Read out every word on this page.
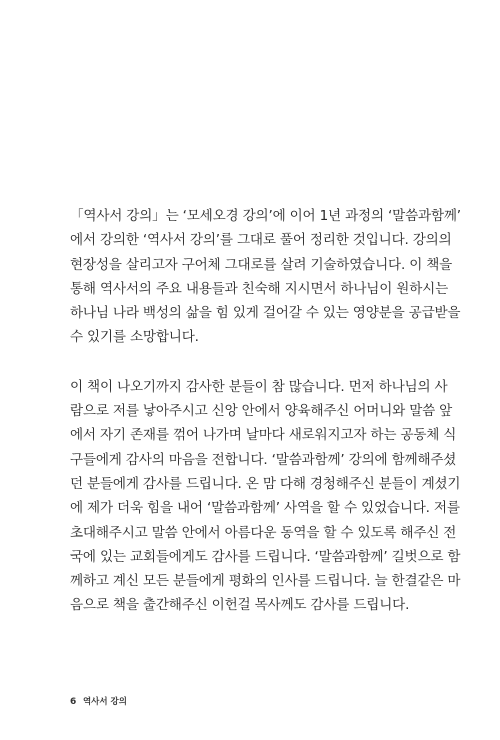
「역사서 강의」는 ‘모세오경 강의’에 이어 1년 과정의 ‘말씀과함께’
에서 강의한 ‘역사서 강의’를 그대로 풀어 정리한 것입니다. 강의의
현장성을 살리고자 구어체 그대로를 살려 기술하였습니다. 이 책을
통해 역사서의 주요 내용들과 친숙해 지시면서 하나님이 원하시는
하나님 나라 백성의 삶을 힘 있게 걸어갈 수 있는 영양분을 공급받을
수 있기를 소망합니다.
이 책이 나오기까지 감사한 분들이 참 많습니다. 먼저 하나님의 사
람으로 저를 낳아주시고 신앙 안에서 양육해주신 어머니와 말씀 앞
에서 자기 존재를 꺾어 나가며 날마다 새로워지고자 하는 공동체 식
구들에게 감사의 마음을 전합니다. ‘말씀과함께’ 강의에 함께해주셨
던 분들에게 감사를 드립니다. 온 맘 다해 경청해주신 분들이 계셨기
에 제가 더욱 힘을 내어 ‘말씀과함께’ 사역을 할 수 있었습니다. 저를
초대해주시고 말씀 안에서 아름다운 동역을 할 수 있도록 해주신 전
국에 있는 교회들에게도 감사를 드립니다. ‘말씀과함께’ 길벗으로 함
께하고 계신 모든 분들에게 평화의 인사를 드립니다. 늘 한결같은 마
음으로 책을 출간해주신 이헌걸 목사께도 감사를 드립니다.
6 역사서 강의
